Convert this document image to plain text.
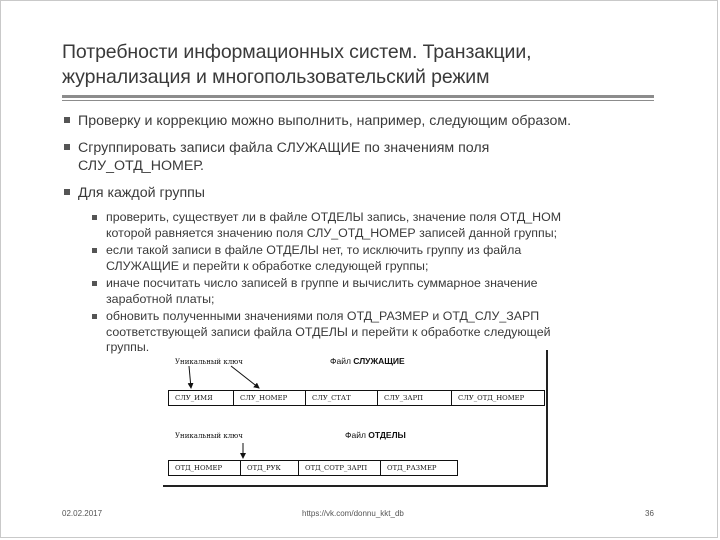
Потребности информационных систем. Транзакции,
журнализация и многопользовательский режим
Проверку и коррекцию можно выполнить, например, следующим образом.
Сгруппировать записи файла СЛУЖАЩИЕ по значениям поля
СЛУ_ОТД_НОМЕР.
Для каждой группы
проверить, существует ли в файле ОТДЕЛЫ запись, значение поля ОТД_НОМ
которой равняется значению поля СЛУ_ОТД_НОМЕР записей данной группы;
если такой записи в файле ОТДЕЛЫ нет, то исключить группу из файла
СЛУЖАЩИЕ и перейти к обработке следующей группы;
иначе посчитать число записей в группе и вычислить суммарное значение
заработной платы;
обновить полученными значениями поля ОТД_РАЗМЕР и ОТД_СЛУ_ЗАРП
соответствующей записи файла ОТДЕЛЫ и перейти к обработке следующей
группы.
Уникальный ключ	Файл СЛУЖАЩИЕ
СЛУ_ИМЯ	СЛУ_НОМЕР	СЛУ_СТАТ	СЛУ_ЗАРП	СЛУ_ОТД_НОМЕР
Уникальный ключ	Файл ОТДЕЛЫ
ОТД_НОМЕР	ОТД_РУК	ОТД_СОТР_ЗАРП	ОТД_РАЗМЕР
02.02.2017	https://vk.com/donnu_kkt_db	36
